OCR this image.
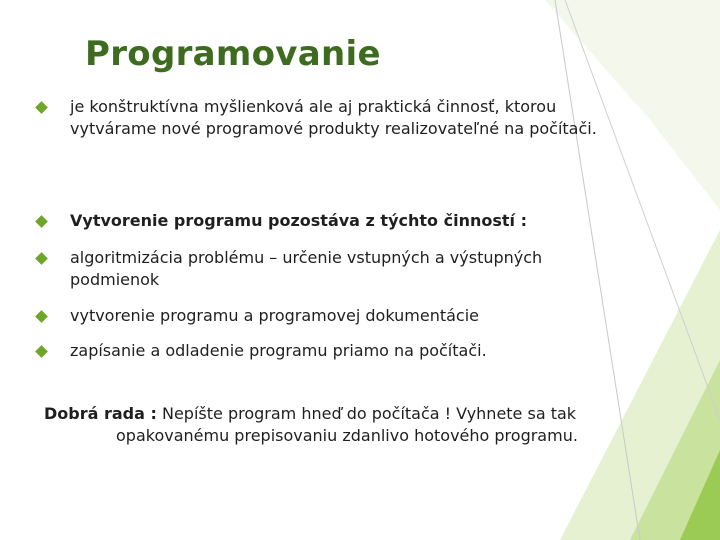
Programovanie
je konštruktívna myšlienková ale aj praktická činnosť, ktorou vytvárame nové programové produkty realizovateľné na počítači.
Vytvorenie programu pozostáva z týchto činností :
algoritmizácia problému – určenie vstupných a výstupných podmienok
vytvorenie programu a programovej dokumentácie
zapísanie a odladenie programu priamo na počítači.
Dobrá rada : Nepíšte program hneď do počítača ! Vyhnete sa tak
opakovanému prepisovaniu zdanlivo hotového programu.
